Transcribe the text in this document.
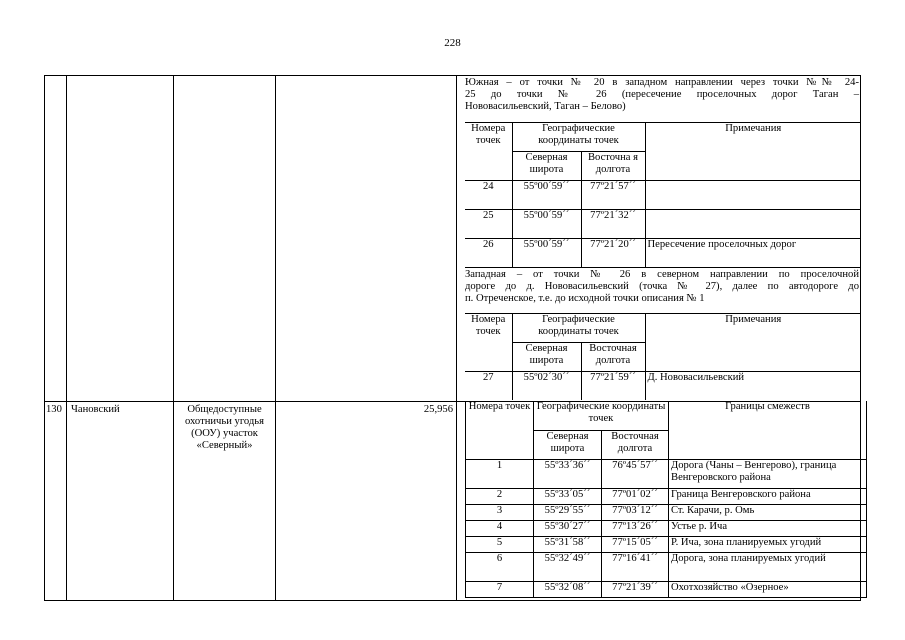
228
Южная – от точки № 20 в западном направлении через точки №№ 24-
25 до точки № 26 (пересечение проселочных дорог Таган –
Нововасильевский, Таган – Белово)
Номера точек	Географические координаты точек		Примечания
	Северная широта	Восточна я долгота	
24	55º00´59´´	77º21´57´´	
25	55º00´59´´	77º21´32´´	
26	55º00´59´´	77º21´20´´	Пересечение проселочных дорог
Западная – от точки № 26 в северном направлении по проселочной
дороге до д. Нововасильевский (точка № 27), далее по автодороге до
п. Отреченское, т.е. до исходной точки описания № 1
Номера точек	Географические координаты точек		Примечания
	Северная широта	Восточная долгота	
27	55º02´30´´	77º21´59´´	Д. Нововасильевский
130 Чановский	Общедоступные
охотничьи угодья
(ООУ) участок
«Северный»
25,956 Номера точек	Географические координаты точек		Границы смежеств
	Северная широта	Восточная долгота	
1	55º33´36´´	76º45´57´´	Дорога (Чаны – Венгерово), граница Венгеровского района
2	55º33´05´´	77º01´02´´	Граница Венгеровского района
3	55º29´55´´	77º03´12´´	Ст. Карачи, р. Омь
4	55º30´27´´	77º13´26´´	Устье р. Ича
5	55º31´58´´	77º15´05´´	Р. Ича, зона планируемых угодий
6	55º32´49´´	77º16´41´´	Дорога, зона планируемых угодий
7	55º32´08´´	77º21´39´´	Охотхозяйство «Озерное»
